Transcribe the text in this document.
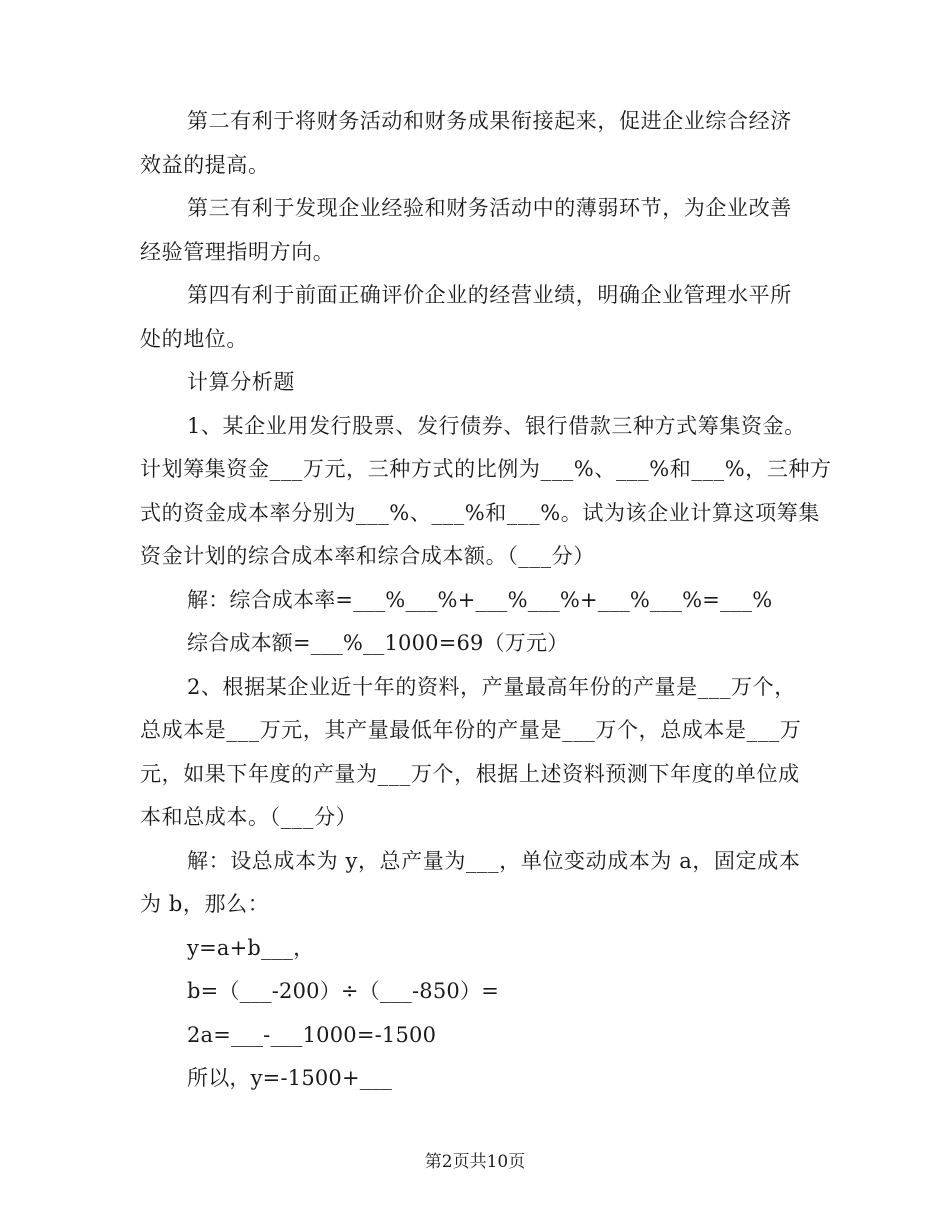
第二有利于将财务活动和财务成果衔接起来，促进企业综合经济
效益的提高。
第三有利于发现企业经验和财务活动中的薄弱环节，为企业改善
经验管理指明方向。
第四有利于前面正确评价企业的经营业绩，明确企业管理水平所
处的地位。
计算分析题
1、某企业用发行股票、发行债券、银行借款三种方式筹集资金。
计划筹集资金___万元，三种方式的比例为___%、___%和___%，三种方
式的资金成本率分别为___%、___%和___%。试为该企业计算这项筹集
资金计划的综合成本率和综合成本额。（___分）
解：综合成本率=___%___%+___%___%+___%___%=___%
综合成本额=___%__1000=69（万元）
2、根据某企业近十年的资料，产量最高年份的产量是___万个，
总成本是___万元，其产量最低年份的产量是___万个，总成本是___万
元，如果下年度的产量为___万个，根据上述资料预测下年度的单位成
本和总成本。（___分）
解：设总成本为 y，总产量为___，单位变动成本为 a，固定成本
为 b，那么：
y=a+b___，
b=（___-200）÷（___-850）=
2a=___-___1000=-1500
所以，y=-1500+___
第2页共10页
